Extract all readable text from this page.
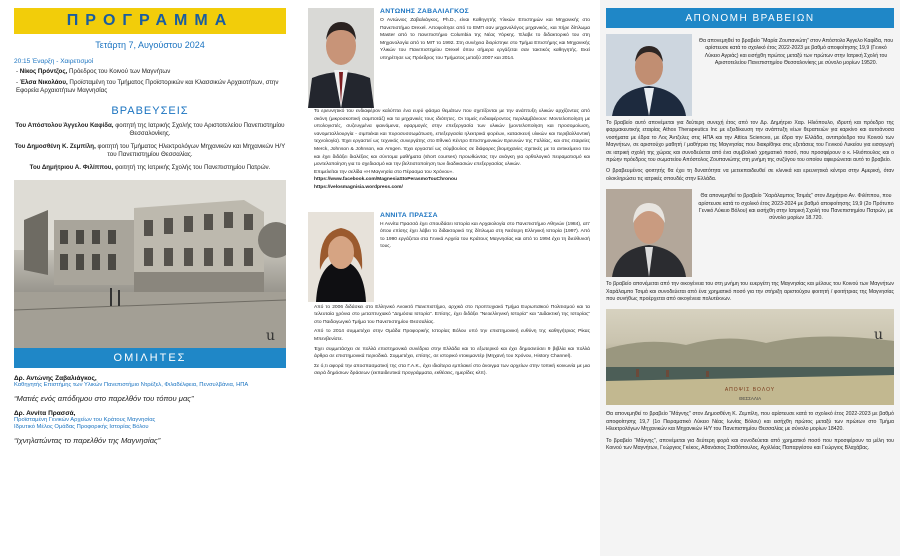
ΠΡΟΓΡΑΜΜΑ
Τετάρτη 7, Αυγούστου 2024
20:15 Έναρξη - Χαιρετισμοί
- Νίκος Πρόντζος, Πρόεδρος του Κοινού των Μαγνήτων
- Έλσα Νικολάου, Προϊσταμένη του Τμήματος Προϊστορικών και Κλασσικών Αρχαιοτήτων, στην Εφορεία Αρχαιοτήτων Μαγνησίας
ΒΡΑΒΕΥΣΕΙΣ
Του Απόστολου Άγγελου Καφίδα, φοιτητή της Ιατρικής Σχολής του Αριστοτελείου Πανεπιστημίου Θεσσαλονίκης.
Του Δημοσθένη Κ. Ζεμπίλη, φοιτητή του Τμήματος Ηλεκτρολόγων Μηχανικών και Μηχανικών Η/Υ του Πανεπιστημίου Θεσσαλίας.
Του Δημήτριου Α. Φιλίππου, φοιτητή της Ιατρικής Σχολής του Πανεπιστημίου Πατρών.
u
ΟΜΙΛΗΤΕΣ
Δρ. Αντώνης Ζαβαλιάγκος,
Καθηγητής Επιστήμης των Υλικών Πανεπιστήμιο Ντρέξελ, Φιλαδέλφεια, Πενσυλβάνια, ΗΠΑ
“Ματιές ενός απόδημου στο παρελθόν του τόπου μας”
Δρ. Αννίτα Πρασσά,
Προϊσταμένη Γενικών Αρχείων του Κράτους Μαγνησίας
Ιδρυτικό Μέλος Ομάδας Προφορικής Ιστορίας Βόλου
“Ιχνηλατώντας το παρελθόν της Μαγνησίας”
ΑΝΤΩΝΗΣ ΖΑΒΑΛΙΑΓΚΟΣ
Ο Αντώνιος Ζαβαλιάγκος, Ph.D., είναι Καθηγητής Υλικών Επιστημών και Μηχανικής στο Πανεπιστήμιο Drexel. Αποφοίτησε από το ΕΜΠ σαν μηχανολόγος μηχανικός, και πήρε δίπλωμα Master από το πανεπιστήμιο Columbia της Νέας Υόρκης. Έλαβε το διδακτορικό του στη Μηχανολογία από το MIT το 1992. Στη συνέχεια διορίστηκε στο Τμήμα Επιστήμης και Μηχανικής Υλικών του Πανεπιστημίου Drexel όπου σήμερα εργάζεται σαν τακτικός καθηγητής. Εκεί υπηρέτησε ως Πρόεδρος του Τμήματος μεταξύ 2007 και 2014.
Το ερευνητικό του ενδιαφέρον καλύπτει ένα ευρύ φάσμα θεμάτων που σχετίζονται με την ανάπτυξη υλικών αρχίζοντας από σκόνη (μικροσκοπική σαμποτάζ) και τα μηχανικές τους ιδιότητες. Οι τομείς ενδιαφέροντος περιλαμβάνουν: Μοντελοποίηση με υπολογιστές, συζευγμένα φαινόμενα, εφαρμογές στην επεξεργασία των υλικών (μοντελοποίηση και προσομοίωση, νανομεταλλουργία - σιμπιέκαι και πυροσυσσωμάτωση, επεξεργασία ηλεκτρικά φορέων, κατασκευή υλικών και περιβαλλοντική τεχνολογία). Έχει εργαστεί ως τεχνικός συνεργάτης στο Εθνικό Κέντρο Επιστημονικών Ερευνών της Γαλλίας, και στις εταιρείες Merck, Johnson & Johnson, και Amgen. Έχει εργαστεί ως σύμβουλος σε διάφορες βιομηχανίες σχετικές με το αντικείμενο του και έχει διδάξει διαλέξεις και σύντομα μαθήματα (short courses) προωθώντας την ανάγκη για ορθολογικό πειραματισμό και μοντελοποίηση για το σχεδιασμό και την βελτιστοποίηση των διαδικασιών επεξεργασίας υλικών.
Επιμελείται την σελίδα «Η Μαγνησία στο Πέρασμα του Χρόνου».
https://www.facebook.com/MagnesiaStoPerasmoTouChronou
https://velosmagnisia.wordpress.com/
ΑΝΝΙΤΑ ΠΡΑΣΣΑ
Η Αννίτα Πρασσά έχει σπουδάσει Ιστορία και Αρχαιολογία στο Πανεπιστήμιο Αθηνών (1984), απ' όπου επίσης έχει λάβει το διδακτορικό της δίπλωμα στη Νεότερη Ελληνική Ιστορία (1997). Από το 1990 εργάζεται στα Γενικά Αρχεία του Κράτους Μαγνησίας και από το 1994 έχει τη διεύθυνσή τους.
Από το 2006 διδάσκει στο Ελληνικό Ανοικτό Πανεπιστήμιο, αρχικά στο προπτυχιακό Τμήμα Ευρωπαϊκού Πολιτισμού και τα τελευταία χρόνια στο μεταπτυχιακό “Δημόσια Ιστορία”. Επίσης, έχει διδάξει “Νεοελληνική Ιστορία” και “Διδακτική της Ιστορίας” στο Παιδαγωγικό Τμήμα του Πανεπιστημίου Θεσσαλίας.
Από το 2014 συμμετέχει στην Ομάδα Προφορικής Ιστορίας Βόλου υπό την επιστημονική ευθύνη της καθηγήτριας Ρίκας Μπενβενίστε.
Έχει συμμετάσχει σε πολλά επιστημονικά συνέδρια στην Ελλάδα και το εξωτερικό και έχει δημοσιεύσει 9 βιβλία και πολλά άρθρα σε επιστημονικά περιοδικά. Συμμετέχει, επίσης, σε ιστορικό ντοκιμαντέρ (Μηχανή του Χρόνου, History Channel).
Σε ό,τι αφορά την αποσπασματική της στα Γ.Α.Κ., έχει ιδιαίτερα εμπλακεί στο άνοιγμα των αρχείων στην τοπική κοινωνία με μια σειρά δημόσιων δράσεων (εκπαιδευτικά προγράμματα, εκθέσεις, ημερίδες κλπ).
ΑΠΟΝΟΜΗ ΒΡΑΒΕΙΩΝ
Θα απονεμηθεί το βραβείο “Μαρία Ζουπανιώτη” στον Απόστολο Άγγελο Καφίδα, που αρίστευσε κατά το σχολικό έτος 2022-2023 με βαθμό αποφοίτησης 19,9 (Γενικό Λύκειο Αγριάς) και εισήχθη πρώτος μεταξύ των πρώτων στην Ιατρική Σχολή του Αριστοτελείου Πανεπιστημίου Θεσσαλονίκης με σύνολο μορίων 19520.
Το βραβείο αυτό απονέμεται για δεύτερη συνεχή έτος από τον Δρ. Δημήτριο Χαρ. Ηλιόπουλο, ιδρυτή και πρόεδρο της φαρμακευτικής εταιρίας Athos Therapeutics Inc με εξειδίκευση την ανάπτυξη νέων θεραπειών για καρκίνο και αυτοάνοσα νοσήματα με έδρα το Λος Άντζελες στις ΗΠΑ και την Attica Sciences, με έδρα την Ελλάδα, αντιπρόεδρο του Κοινού των Μαγνήτων, σε αριστούχο μαθητή / μαθήτρια της Μαγνησίας που διακρίθηκε στις εξετάσεις του Γενικού Λυκείου για εισαγωγή σε ιατρική σχολή της χώρας και συνοδεύεται από ένα συμβολικό χρηματικό ποσό, που προσφέρουν ο κ. Ηλιόπουλος και ο πρώην πρόεδρος του σωματείου Απόστολος Ζουπανιώτης στη μνήμη της συζύγου του οποίου αφιερώνεται αυτό το βραβείο.
Ο βραβευμένος φοιτητής θα έχει τη δυνατότητα να μετεκπαιδευθεί σε κλινικά και ερευνητικά κέντρα στην Αμερική, όταν ολοκληρώσει τις ιατρικές σπουδές στην Ελλάδα.
Θα απονεμηθεί το βραβείο “Χαράλαμπος Τσιμάς” στον Δημήτριο Αν. Φιλίππου, που αρίστευσε κατά το σχολικό έτος 2023-2024 με βαθμό αποφοίτησης 19,9 (2ο Πρότυπο Γενικό Λύκειο Βόλου) και εισήχθη στην Ιατρική Σχολή του Πανεπιστημίου Πατρών, με σύνολο μορίων 18.720.
Το βραβείο απονέμεται από την οικογένεια του στη μνήμη του ευεργέτη της Μαγνησίας και μέλους του Κοινού των Μαγνήτων Χαράλαμπο Τσιμά και συνοδεύεται από ένα χρηματικό ποσό για την στήριξη αριστούχου φοιτητή / φοιτήτριας της Μαγνησίας που συνήθως προέρχεται από οικογένεια πολυτέκνων.
u
ΑΠΟΨΙΣ ΒΟΛΟΥ
ΘΕΣΣΑΛΙΑ
Θα απονεμηθεί το βραβείο “Μάγνης” στον Δημοσθένη Κ. Ζεμπίλη, που αρίστευσε κατά το σχολικό έτος 2022-2023 με βαθμό αποφοίτησης 19,7 (1ο Πειραματικό Λύκειο Νέας Ιωνίας Βόλου) και εισήχθη πρώτος μεταξύ των πρώτων στο Τμήμα Ηλεκτρολόγων Μηχανικών και Μηχανικών Η/Υ του Πανεπιστημίου Θεσσαλίας με σύνολο μορίων 18420.
Το βραβείο “Μάγνης”, απονέμεται για δεύτερη φορά και συνοδεύεται από χρηματικό ποσό που προσφέρουν τα μέλη του Κοινού των Μαγνήτων, Γεώργιος Γκέκος, Αθανάσιος Σταθόπουλος, Αχιλλέας Παπαργέσου και Γεώργιος Βλαχάβας.
